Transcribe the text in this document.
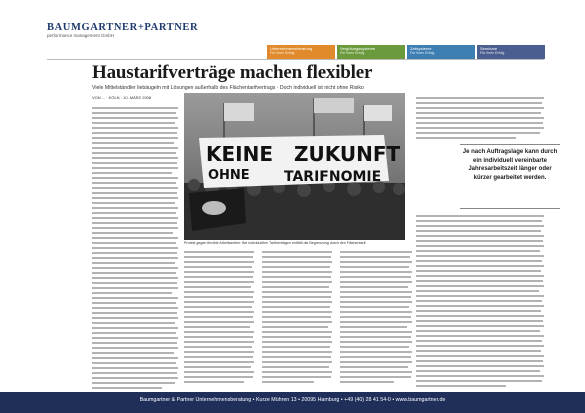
BAUMGARTNER+PARTNER
performance management GmbH
Unternehmensberatung
Für Ihren Erfolg
Vergütungssysteme
Für Ihren Erfolg
Zeitsysteme
Für Ihren Erfolg
Seminare
Für Ihren Erfolg
Haustarifverträge machen flexibler
Viele Mittelständler liebäugeln mit Lösungen außerhalb des Flächentarifvertrags · Doch individuell ist nicht ohne Risiko
VON ... · KÖLN · 10. MÄRZ 2008
KEINE ZUKUNFT
OHNE TARIFNOMIE
Protest gegen flexible Arbeitszeiten: Bei individuellen Tarifverträgen entfällt die Begrenzung durch den Flächentarif.
Je nach Auftragslage kann durch ein individuell vereinbarte Jahresarbeitszeit länger oder kürzer gearbeitet werden.
Baumgartner & Partner Unternehmensberatung • Kurze Mühren 13 • 20095 Hamburg • +49 (40) 28 41 54-0 • www.baumgartner.de
